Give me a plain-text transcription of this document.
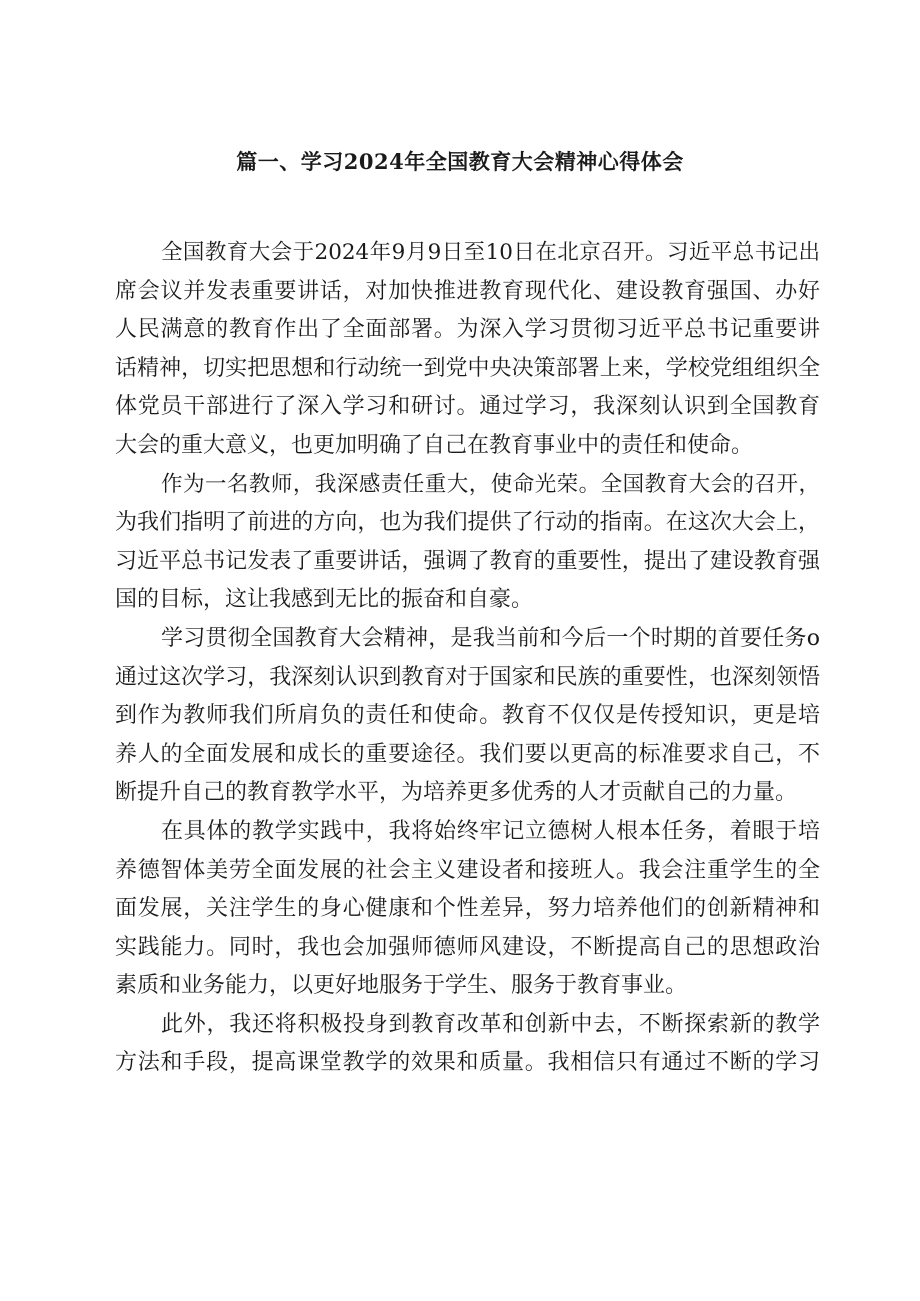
篇一、学习2024年全国教育大会精神心得体会
全国教育大会于2024年9月9日至10日在北京召开。习近平总书记出
席会议并发表重要讲话，对加快推进教育现代化、建设教育强国、办好
人民满意的教育作出了全面部署。为深入学习贯彻习近平总书记重要讲
话精神，切实把思想和行动统一到党中央决策部署上来，学校党组组织全
体党员干部进行了深入学习和研讨。通过学习，我深刻认识到全国教育
大会的重大意义，也更加明确了自己在教育事业中的责任和使命。
作为一名教师，我深感责任重大，使命光荣。全国教育大会的召开，
为我们指明了前进的方向，也为我们提供了行动的指南。在这次大会上，
习近平总书记发表了重要讲话，强调了教育的重要性，提出了建设教育强
国的目标，这让我感到无比的振奋和自豪。
学习贯彻全国教育大会精神，是我当前和今后一个时期的首要任务o
通过这次学习，我深刻认识到教育对于国家和民族的重要性，也深刻领悟
到作为教师我们所肩负的责任和使命。教育不仅仅是传授知识，更是培
养人的全面发展和成长的重要途径。我们要以更高的标准要求自己，不
断提升自己的教育教学水平，为培养更多优秀的人才贡献自己的力量。
在具体的教学实践中，我将始终牢记立德树人根本任务，着眼于培
养德智体美劳全面发展的社会主义建设者和接班人。我会注重学生的全
面发展，关注学生的身心健康和个性差异，努力培养他们的创新精神和
实践能力。同时，我也会加强师德师风建设，不断提高自己的思想政治
素质和业务能力，以更好地服务于学生、服务于教育事业。
此外，我还将积极投身到教育改革和创新中去，不断探索新的教学
方法和手段，提高课堂教学的效果和质量。我相信只有通过不断的学习
